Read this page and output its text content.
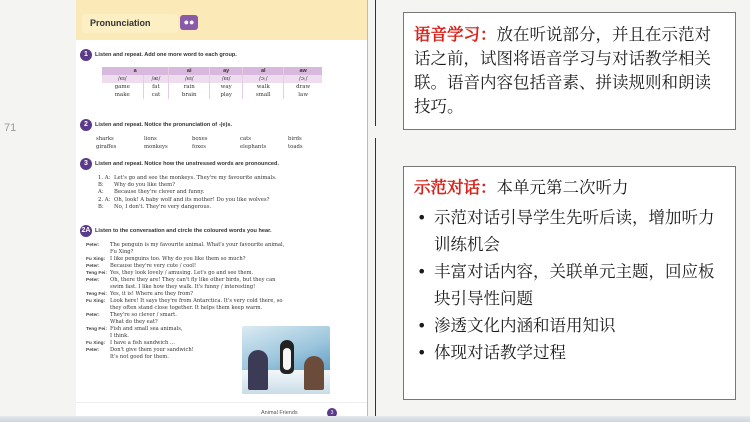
71
Pronunciation	●●
1 Listen and repeat. Add one more word to each group.
a		ai	ay	al	aw
/eɪ/	/æ/	/eɪ/	/eɪ/	/ɔː/	/ɔː/
game	fat	rain	way	walk	draw
make	cat	brain	play	small	law
2 Listen and repeat. Notice the pronunciation of -(e)s.
sharks	lions	boxes	cats	birds
giraffes	monkeys	foxes	elephants	toads
3 Listen and repeat. Notice how the unstressed words are pronounced.
1. A: Let's go and see the monkeys. They're my favourite animals.
B:	Why do you like them?
A:	Because they're clever and funny.
2. A: Oh, look! A baby wolf and its mother! Do you like wolves?
B:	No, I don't. They're very dangerous.
2A Listen to the conversation and circle the coloured words you hear.
Peter:	The penguin is my favourite animal. What's your favourite animal,
Fu Xing?
Fu Xing: I like penguins too. Why do you like them so much?
Peter:	Because they're very cute / cool!
Teng Fei: Yes, they look lovely / amusing. Let's go and see them.
Peter:	Oh, there they are! They can't fly like other birds, but they can
swim fast. I like how they walk. It's funny / interesting!
Teng Fei: Yes, it is! Where are they from?
Fu Xing: Look here! It says they're from Antarctica. It's very cold there, so
they often stand close together. It helps them keep warm.
Peter:	They're so clever / smart.
What do they eat?
Teng Fei: Fish and small sea animals,
I think.
Fu Xing: I have a fish sandwich ...
Peter:	Don't give them your sandwich!
It's not good for them.
Animal Friends	3
语音学习：放在听说部分，并且在示范对话之前，试图将语音学习与对话教学相关联。语音内容包括音素、拼读规则和朗读技巧。
示范对话：本单元第二次听力
• 示范对话引导学生先听后读，增加听力训练机会
• 丰富对话内容，关联单元主题，回应板块引导性问题
• 渗透文化内涵和语用知识
• 体现对话教学过程
